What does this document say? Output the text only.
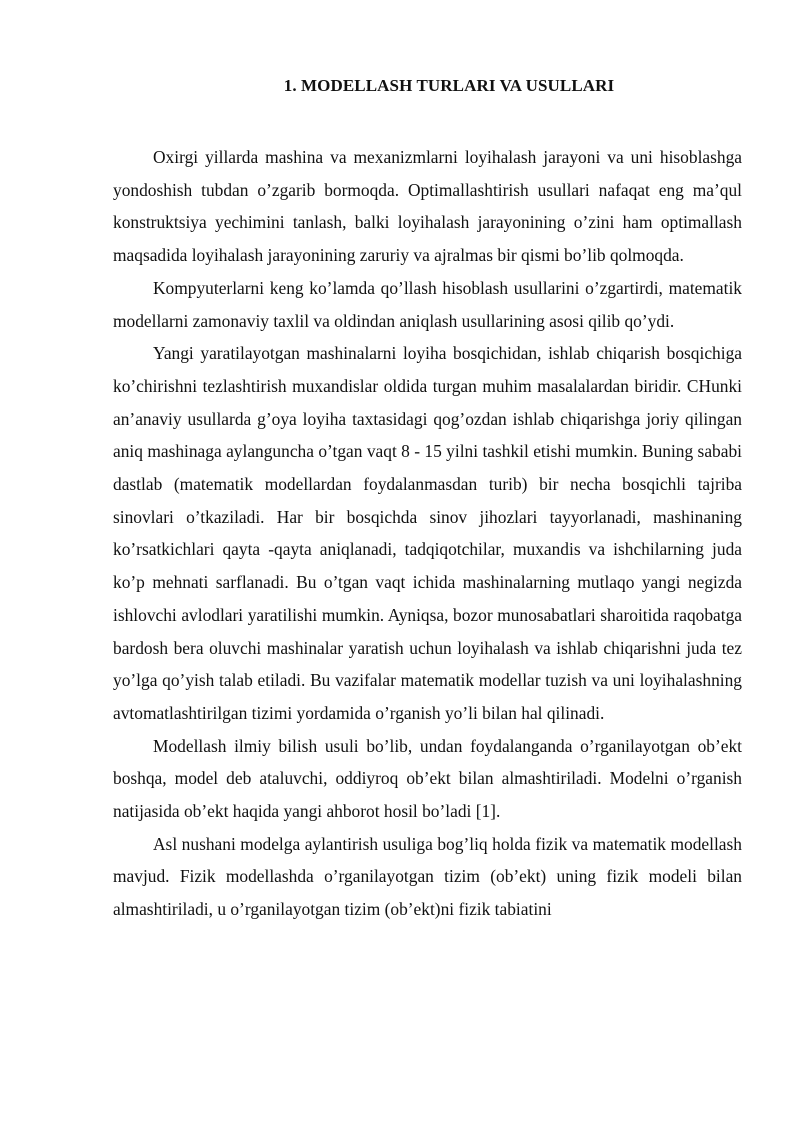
1. MODELLASH TURLARI VA USULLARI

Oxirgi yillarda mashina va mexanizmlarni loyihalash jarayoni va uni hisoblashga yondoshish tubdan o’zgarib bormoqda. Optimallashtirish usullari nafaqat eng ma’qul konstruktsiya yechimini tanlash, balki loyihalash jarayonining o’zini ham optimallash maqsadida loyihalash jarayonining zaruriy va ajralmas bir qismi bo’lib qolmoqda.

Kompyuterlarni keng ko’lamda qo’llash hisoblash usullarini o’zgartirdi, matematik modellarni zamonaviy taxlil va oldindan aniqlash usullarining asosi qilib qo’ydi.

Yangi yaratilayotgan mashinalarni loyiha bosqichidan, ishlab chiqarish bosqichiga ko’chirishni tezlashtirish muxandislar oldida turgan muhim masalalardan biridir. CHunki an’anaviy usullarda g’oya loyiha taxtasidagi qog’ozdan ishlab chiqarishga joriy qilingan aniq mashinaga aylanguncha o’tgan vaqt 8 - 15 yilni tashkil etishi mumkin. Buning sababi dastlab (matematik modellardan foydalanmasdan turib) bir necha bosqichli tajriba sinovlari o’tkaziladi. Har bir bosqichda sinov jihozlari tayyorlanadi, mashinaning ko’rsatkichlari qayta -qayta aniqlanadi, tadqiqotchilar, muxandis va ishchilarning juda ko’p mehnati sarflanadi. Bu o’tgan vaqt ichida mashinalarning mutlaqo yangi negizda ishlovchi avlodlari yaratilishi mumkin. Ayniqsa, bozor munosabatlari sharoitida raqobatga bardosh bera oluvchi mashinalar yaratish uchun loyihalash va ishlab chiqarishni juda tez yo’lga qo’yish talab etiladi. Bu vazifalar matematik modellar tuzish va uni loyihalashning avtomatlashtirilgan tizimi yordamida o’rganish yo’li bilan hal qilinadi.

Modellash ilmiy bilish usuli bo’lib, undan foydalanganda o’rganilayotgan ob’ekt boshqa, model deb ataluvchi, oddiyroq ob’ekt bilan almashtiriladi. Modelni o’rganish natijasida ob’ekt haqida yangi ahborot hosil bo’ladi [1].

Asl nushani modelga aylantirish usuliga bog’liq holda fizik va matematik modellash mavjud. Fizik modellashda o’rganilayotgan tizim (ob’ekt) uning fizik modeli bilan almashtiriladi, u o’rganilayotgan tizim (ob’ekt)ni fizik tabiatini
